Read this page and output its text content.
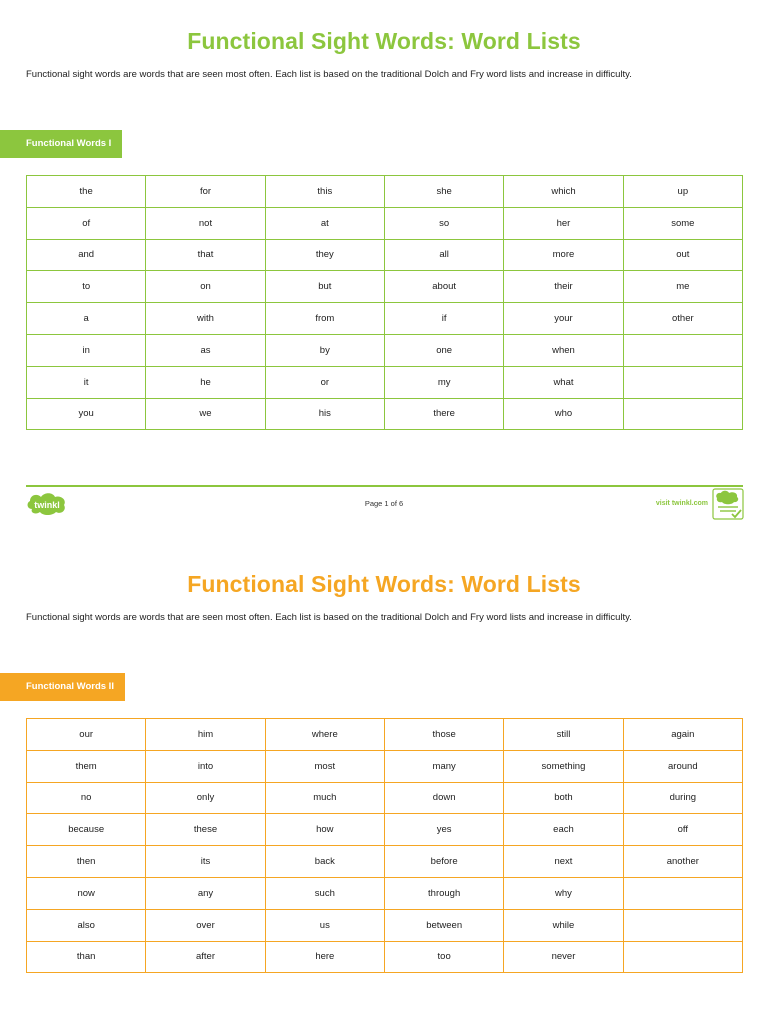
Functional Sight Words: Word Lists
Functional sight words are words that are seen most often. Each list is based on the traditional Dolch and Fry word lists and increase in difficulty.
Functional Words I
the	for	this	she	which	up
of	not	at	so	her	some
and	that	they	all	more	out
to	on	but	about	their	me
a	with	from	if	your	other
in	as	by	one	when	
it	he	or	my	what	
you	we	his	there	who	
twinkl	Page 1 of 6	visit twinkl.com
Functional Sight Words: Word Lists
Functional sight words are words that are seen most often. Each list is based on the traditional Dolch and Fry word lists and increase in difficulty.
Functional Words II
our	him	where	those	still	again
them	into	most	many	something	around
no	only	much	down	both	during
because	these	how	yes	each	off
then	its	back	before	next	another
now	any	such	through	why	
also	over	us	between	while	
than	after	here	too	never	
